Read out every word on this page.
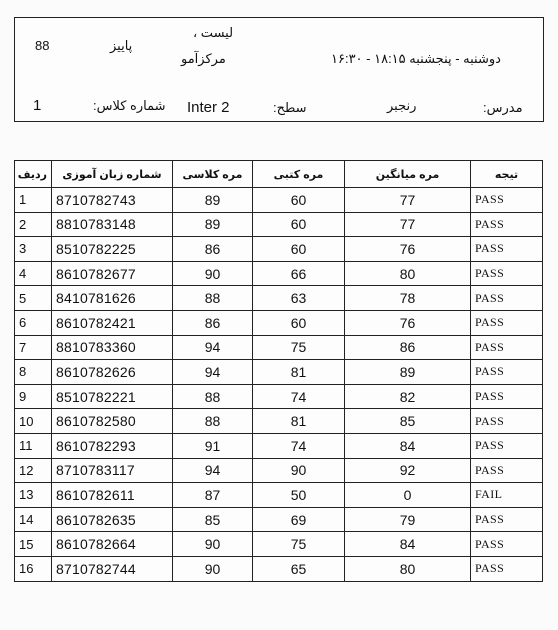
88	پاییز
لیست ،
مرکزآمو	دوشنبه - پنجشنبه ۱۸:۱۵ - ۱۶:۳۰
1	شماره کلاس: Inter 2	سطح:	رنجبر	مدرس:
تیجه	مره میانگین	مره کتبی	مره کلاسی	شماره زبان آموزی	ردیف
PASS	77	60	89	8710782743	1
PASS	77	60	89	8810783148	2
PASS	76	60	86	8510782225	3
PASS	80	66	90	8610782677	4
PASS	78	63	88	8410781626	5
PASS	76	60	86	8610782421	6
PASS	86	75	94	8810783360	7
PASS	89	81	94	8610782626	8
PASS	82	74	88	8510782221	9
PASS	85	81	88	8610782580	10
PASS	84	74	91	8610782293	11
PASS	92	90	94	8710783117	12
FAIL	0	50	87	8610782611	13
PASS	79	69	85	8610782635	14
PASS	84	75	90	8610782664	15
PASS	80	65	90	8710782744	16
